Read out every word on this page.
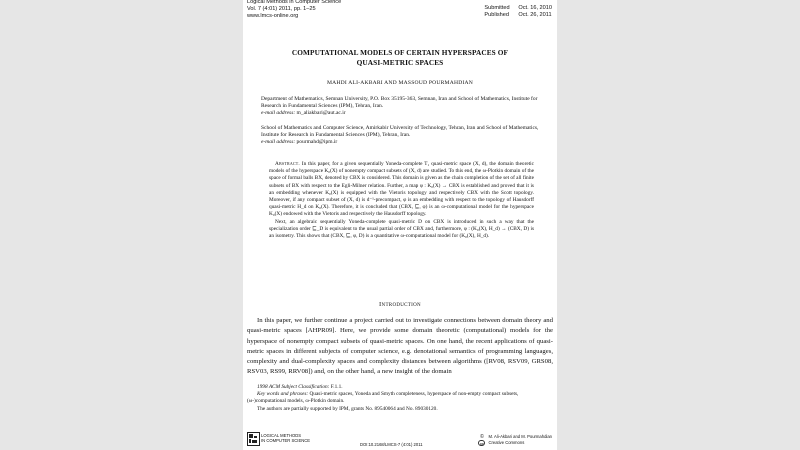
Logical Methods in Computer Science
Vol. 7 (4:01) 2011, pp. 1–25
www.lmcs-online.org
Submitted	Oct. 16, 2010
Published	Oct. 26, 2011
COMPUTATIONAL MODELS OF CERTAIN HYPERSPACES OF
QUASI-METRIC SPACES
MAHDI ALI-AKBARI AND MASSOUD POURMAHDIAN
Department of Mathematics, Semnan University, P.O. Box 35195-363, Semnan, Iran and School of Mathematics, Institute for Research in Fundamental Sciences (IPM), Tehran, Iran.
e-mail address: m_aliakbari@aut.ac.ir
School of Mathematics and Computer Science, Amirkabir University of Technology, Tehran, Iran and School of Mathematics, Institute for Research in Fundamental Sciences (IPM), Tehran, Iran.
e-mail address: pourmahd@ipm.ir

Abstract. In this paper, for a given sequentially Yoneda-complete T₁ quasi-metric space (X, d), the domain theoretic models of the hyperspace K₀(X) of nonempty compact subsets of (X, d) are studied. To this end, the ω-Plotkin domain of the space of formal balls BX, denoted by CBX is considered. This domain is given as the chain completion of the set of all finite subsets of BX with respect to the Egli-Milner relation. Further, a map φ : K₀(X) → CBX is established and proved that it is an embedding whenever K₀(X) is equipped with the Vietoris topology and respectively CBX with the Scott topology. Moreover, if any compact subset of (X, d) is d⁻¹-precompact, φ is an embedding with respect to the topology of Hausdorff quasi-metric H_d on K₀(X). Therefore, it is concluded that (CBX, ⊑, φ) is an ω-computational model for the hyperspace K₀(X) endowed with the Vietoris and respectively the Hausdorff topology.

Next, an algebraic sequentially Yoneda-complete quasi-metric D on CBX is introduced in such a way that the specialization order ⊑_D is equivalent to the usual partial order of CBX and, furthermore, φ : (K₀(X), H_d) → (CBX, D) is an isometry. This shows that (CBX, ⊑, φ, D) is a quantitative ω-computational model for (K₀(X), H_d).

Introduction

In this paper, we further continue a project carried out to investigate connections between domain theory and quasi-metric spaces [AHPR09]. Here, we provide some domain theoretic (computational) models for the hyperspace of nonempty compact subsets of quasi-metric spaces. On one hand, the recent applications of quasi-metric spaces in different subjects of computer science, e.g. denotational semantics of programming languages, complexity and dual-complexity spaces and complexity distances between algorithms ([RV08, RSV09, GRS08, RSV03, RS99, RRV08]) and, on the other hand, a new insight of the domain

1998 ACM Subject Classification: F.1.1.
Key words and phrases: Quasi-metric spaces, Yoneda and Smyth completeness, hyperspace of non-empty compact subsets, (ω-)computational models, ω-Plotkin domain.
The authors are partially supported by IPM, grants No. 89540064 and No. 89030120.
LOGICAL METHODS
IN COMPUTER SCIENCE
DOI:10.2168/LMCS-7 (4:01) 2011
©	M. Ali-Akbari and M. Pourmahdian
cc	Creative Commons
